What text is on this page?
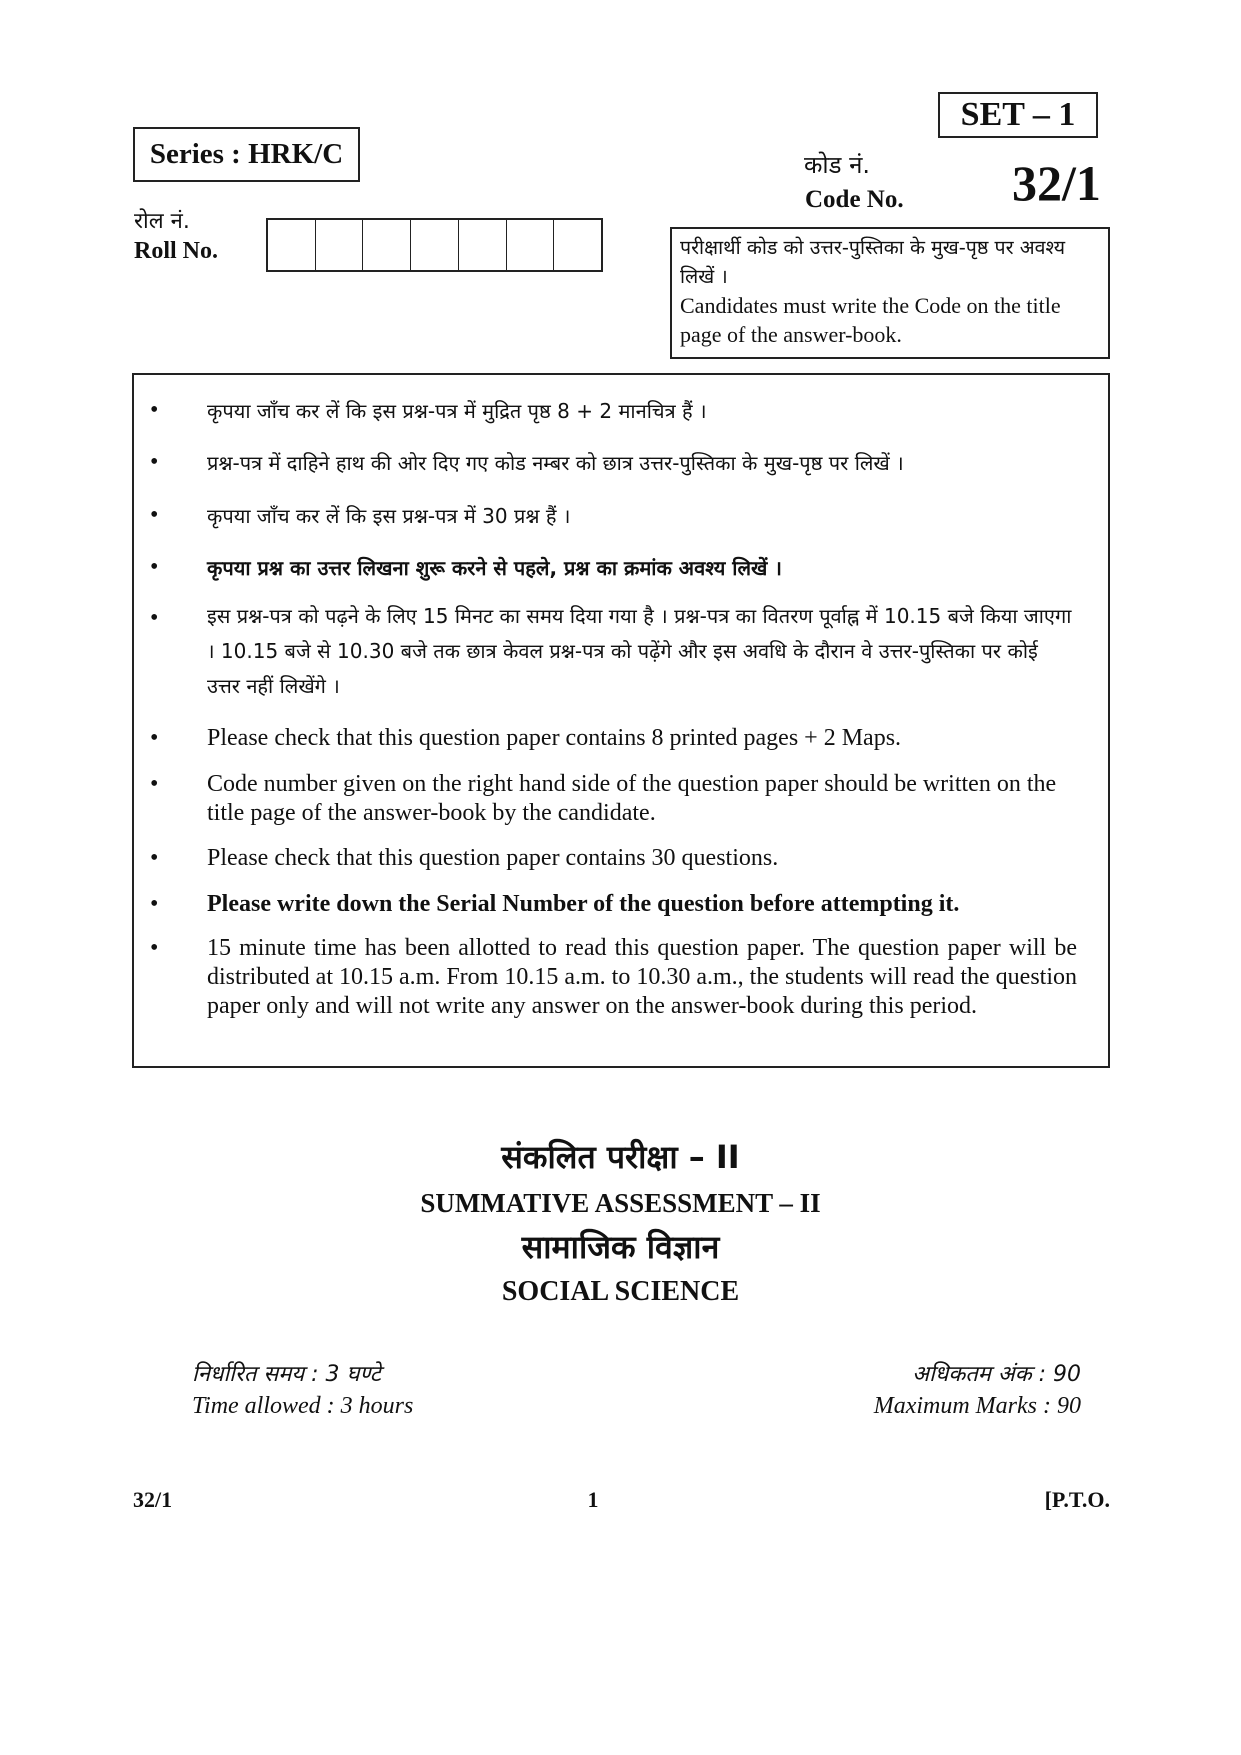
SET – 1
Series : HRK/C	कोड नं.
Code No. 32/1
रोल नं.
Roll No.	परीक्षार्थी कोड को उत्तर-पुस्तिका के मुख-पृष्ठ पर अवश्य लिखें ।
Candidates must write the Code on the title page of the answer-book.
• कृपया जाँच कर लें कि इस प्रश्न-पत्र में मुद्रित पृष्ठ 8 + 2 मानचित्र हैं ।
• प्रश्न-पत्र में दाहिने हाथ की ओर दिए गए कोड नम्बर को छात्र उत्तर-पुस्तिका के मुख-पृष्ठ पर लिखें ।
• कृपया जाँच कर लें कि इस प्रश्न-पत्र में 30 प्रश्न हैं ।
• कृपया प्रश्न का उत्तर लिखना शुरू करने से पहले, प्रश्न का क्रमांक अवश्य लिखें ।
• इस प्रश्न-पत्र को पढ़ने के लिए 15 मिनट का समय दिया गया है । प्रश्न-पत्र का वितरण पूर्वाह्न में 10.15 बजे किया जाएगा । 10.15 बजे से 10.30 बजे तक छात्र केवल प्रश्न-पत्र को पढ़ेंगे और इस अवधि के दौरान वे उत्तर-पुस्तिका पर कोई उत्तर नहीं लिखेंगे ।
• Please check that this question paper contains 8 printed pages + 2 Maps.
• Code number given on the right hand side of the question paper should be written on the title page of the answer-book by the candidate.
• Please check that this question paper contains 30 questions.
• Please write down the Serial Number of the question before attempting it.
• 15 minute time has been allotted to read this question paper. The question paper will be distributed at 10.15 a.m. From 10.15 a.m. to 10.30 a.m., the students will read the question paper only and will not write any answer on the answer-book during this period.
संकलित परीक्षा – II
SUMMATIVE ASSESSMENT – II
सामाजिक विज्ञान
SOCIAL SCIENCE
निर्धारित समय : 3 घण्टे
Time allowed : 3 hours
अधिकतम अंक : 90
Maximum Marks : 90
32/1	1	[P.T.O.
